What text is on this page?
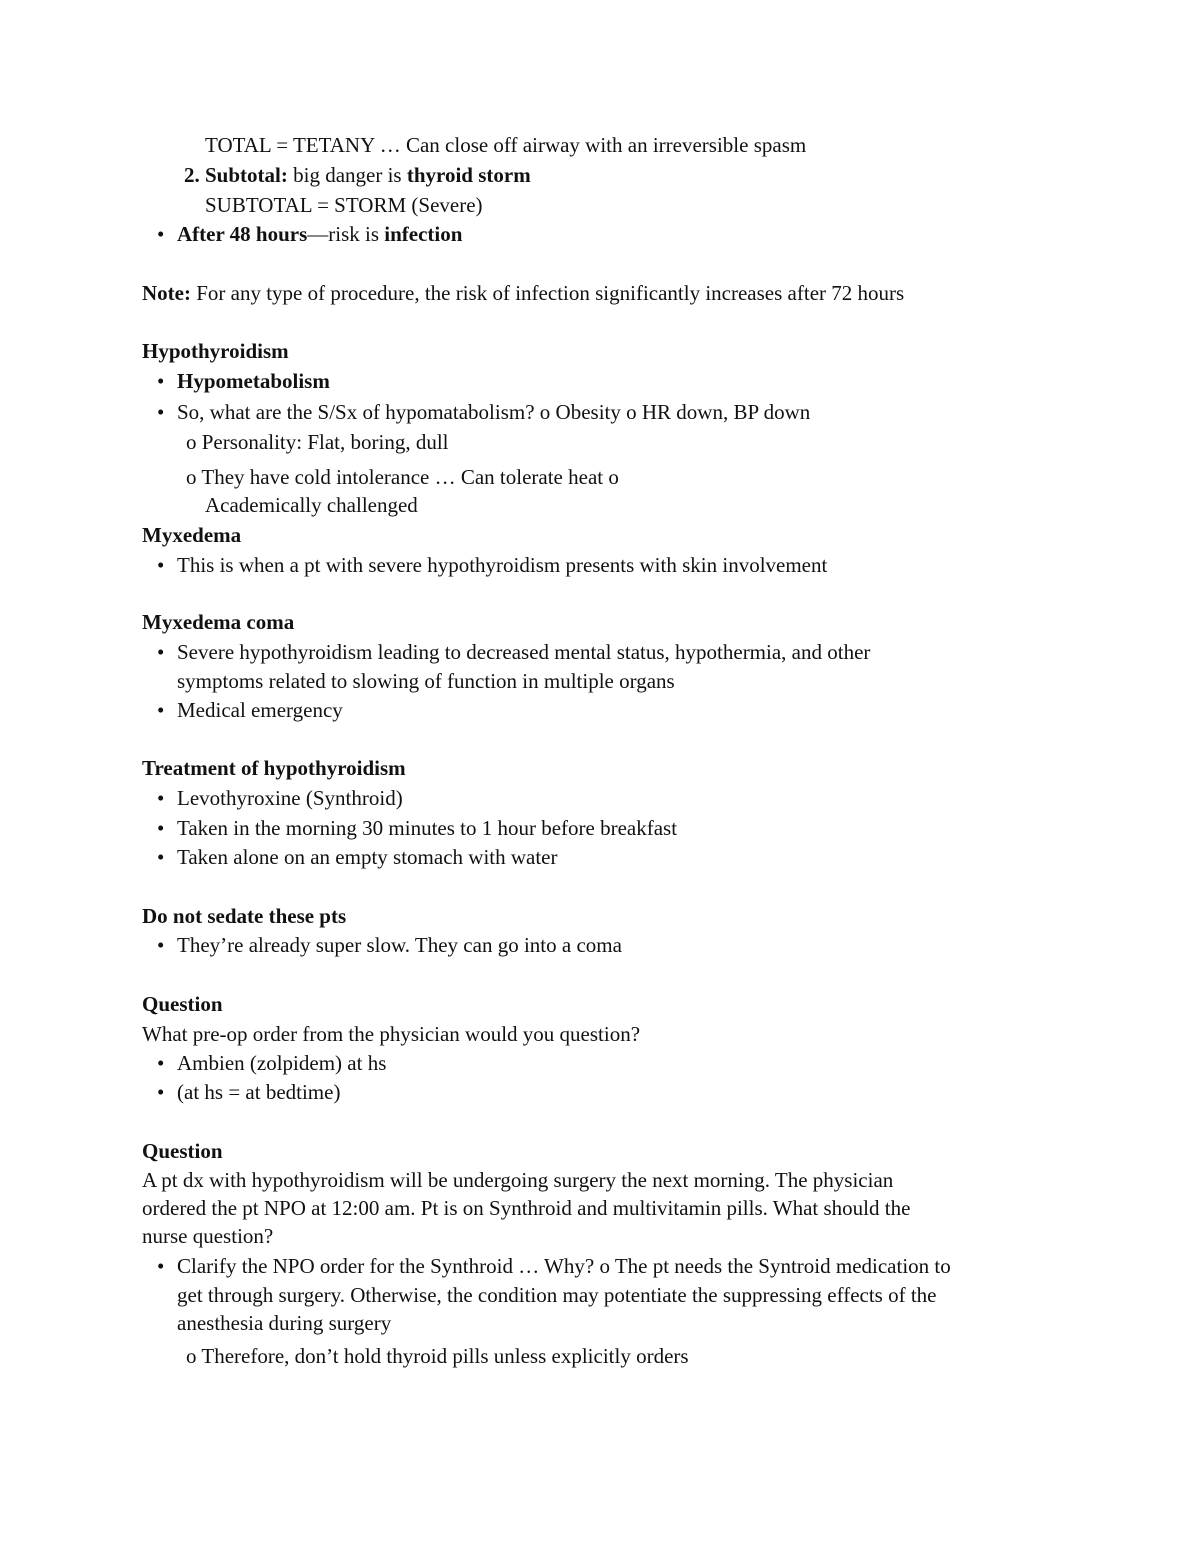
TOTAL = TETANY … Can close off airway with an irreversible spasm
2. Subtotal: big danger is thyroid storm
SUBTOTAL = STORM (Severe)
• After 48 hours—risk is infection
Note: For any type of procedure, the risk of infection significantly increases after 72 hours
Hypothyroidism
• Hypometabolism
• So, what are the S/Sx of hypomatabolism? o Obesity o HR down, BP down
o Personality: Flat, boring, dull
o They have cold intolerance … Can tolerate heat o
Academically challenged
Myxedema
• This is when a pt with severe hypothyroidism presents with skin involvement
Myxedema coma
• Severe hypothyroidism leading to decreased mental status, hypothermia, and other
symptoms related to slowing of function in multiple organs
• Medical emergency
Treatment of hypothyroidism
• Levothyroxine (Synthroid)
• Taken in the morning 30 minutes to 1 hour before breakfast
• Taken alone on an empty stomach with water
Do not sedate these pts
• They’re already super slow. They can go into a coma
Question
What pre-op order from the physician would you question?
• Ambien (zolpidem) at hs
• (at hs = at bedtime)
Question
A pt dx with hypothyroidism will be undergoing surgery the next morning. The physician
ordered the pt NPO at 12:00 am. Pt is on Synthroid and multivitamin pills. What should the
nurse question?
• Clarify the NPO order for the Synthroid … Why? o The pt needs the Syntroid medication to
get through surgery. Otherwise, the condition may potentiate the suppressing effects of the
anesthesia during surgery
o Therefore, don’t hold thyroid pills unless explicitly orders
